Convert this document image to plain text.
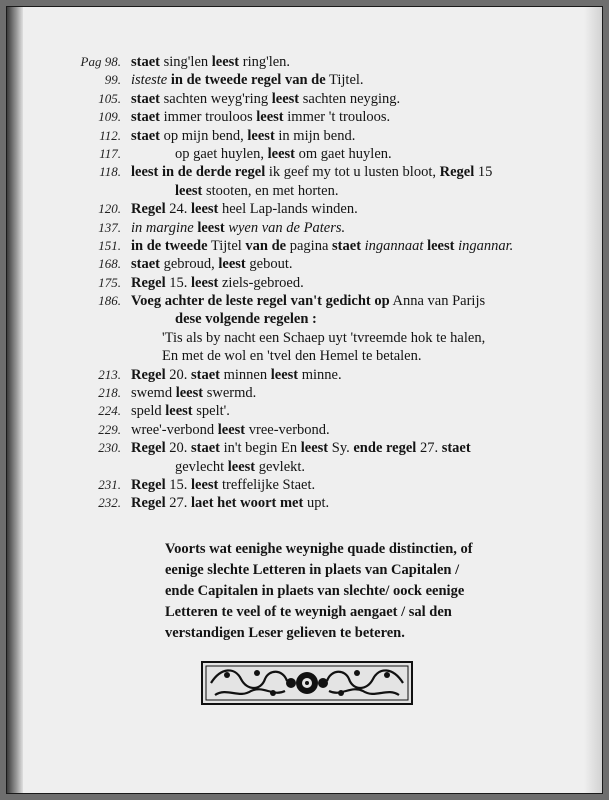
Pag 98. staet sing'len leest ring'len.
99. isteste in de tweede regel van de Tijtel.
105. staet sachten weyg'ring leest sachten neyging.
109. staet immer trouloos leest immer 't trouloos.
112. staet op mijn bend, leest in mijn bend.
117.	op gaet huylen, leest om gaet huylen.
118. leest in de derde regel ik geef my tot u lusten bloot, Regel 15
leest stooten, en met horten.
120. Regel 24. leest heel Lap-lands winden.
137. in margine leest wyen van de Paters.
151. in de tweede Tijtel van de pagina staet ingannaat leest ingannar.
168. staet gebroud, leest gebout.
175. Regel 15. leest ziels-gebroed.
186. Voeg achter de leste regel van't gedicht op Anna van Parijs
dese volgende regelen :
'Tis als by nacht een Schaep uyt 'tvreemde hok te halen,
En met de wol en 'tvel den Hemel te betalen.
213. Regel 20. staet minnen leest minne.
218. swemd leest swermd.
224. speld leest spelt'.
229. wree'-verbond leest vree-verbond.
230. Regel 20. staet in't begin En leest Sy. ende regel 27. staet
gevlecht leest gevlekt.
231. Regel 15. leest treffelijke Staet.
232. Regel 27. laet het woort met upt.
Voorts wat eenighe weynighe quade distinctien, of
eenige slechte Letteren in plaets van Capitalen /
ende Capitalen in plaets van slechte/ oock eenige
Letteren te veel of te weynigh aengaet / sal den
verstandigen Leser gelieven te beteren.
